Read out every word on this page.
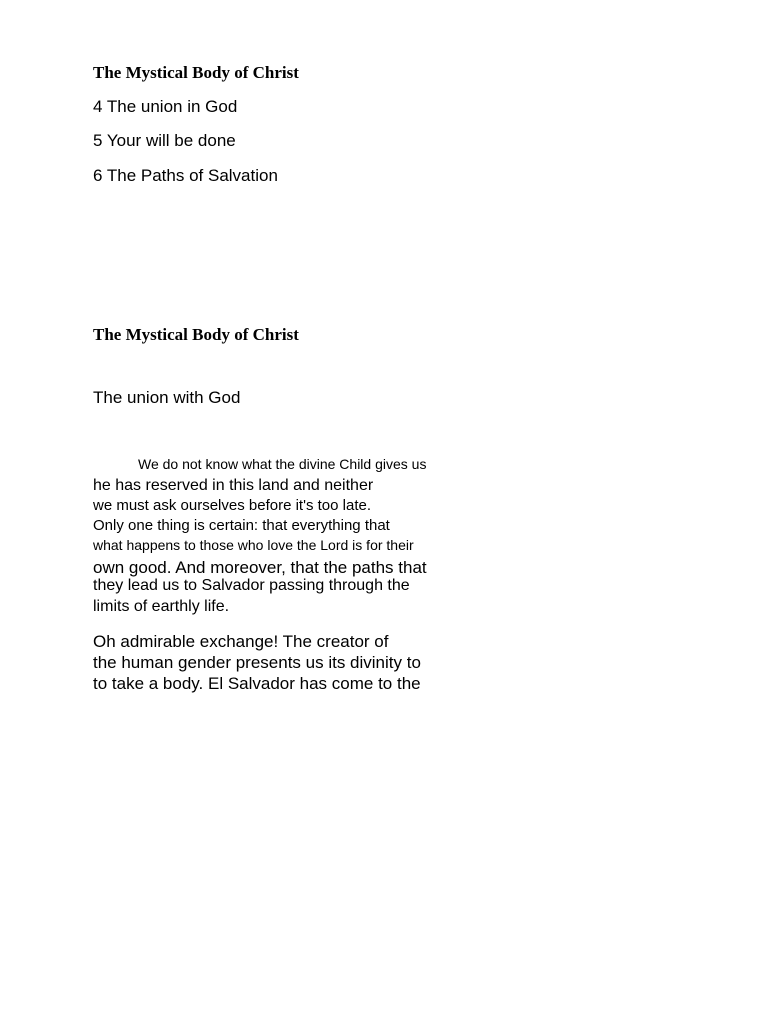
The Mystical Body of Christ
4 The union in God
5 Your will be done
6 The Paths of Salvation
The Mystical Body of Christ
The union with God
We do not know what the divine Child gives us
he has reserved in this land and neither
we must ask ourselves before it's too late.
Only one thing is certain: that everything that
what happens to those who love the Lord is for their
own good. And moreover, that the paths that
they lead us to Salvador passing through the
limits of earthly life.
Oh admirable exchange! The creator of
the human gender presents us its divinity to
to take a body. El Salvador has come to the
